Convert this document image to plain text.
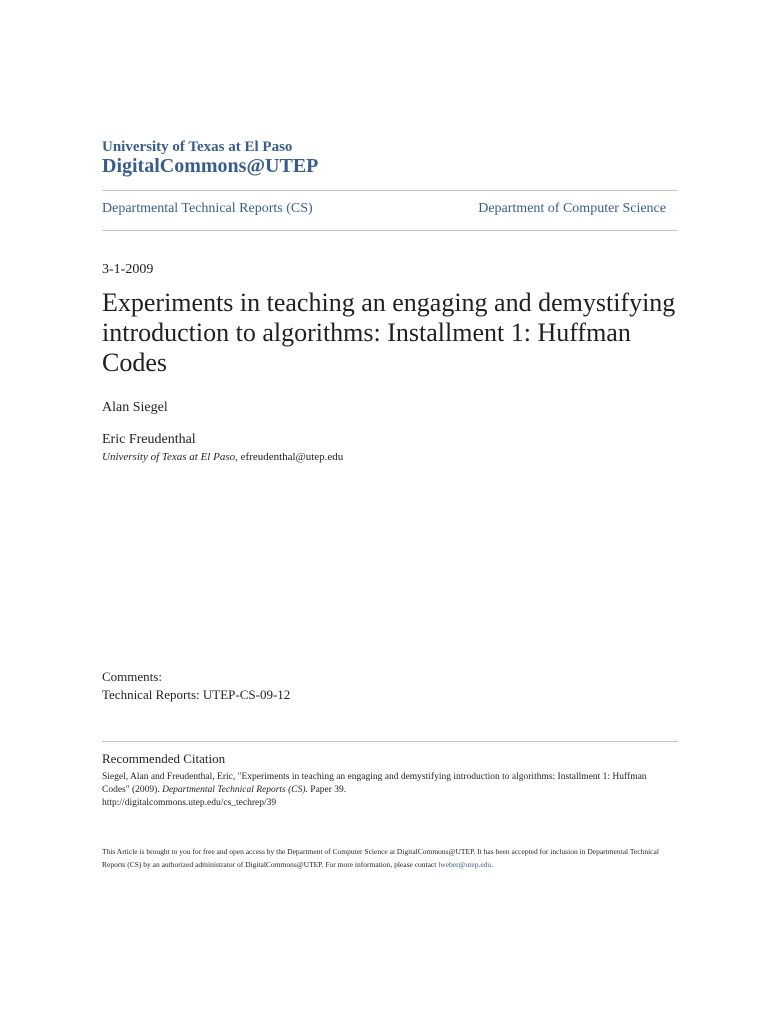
University of Texas at El Paso
DigitalCommons@UTEP
Departmental Technical Reports (CS)	Department of Computer Science
3-1-2009
Experiments in teaching an engaging and demystifying introduction to algorithms: Installment 1: Huffman Codes
Alan Siegel
Eric Freudenthal
University of Texas at El Paso, efreudenthal@utep.edu
Comments:
Technical Reports: UTEP-CS-09-12
Recommended Citation
Siegel, Alan and Freudenthal, Eric, "Experiments in teaching an engaging and demystifying introduction to algorithms: Installment 1: Huffman Codes" (2009). Departmental Technical Reports (CS). Paper 39.
http://digitalcommons.utep.edu/cs_techrep/39
This Article is brought to you for free and open access by the Department of Computer Science at DigitalCommons@UTEP. It has been accepted for inclusion in Departmental Technical Reports (CS) by an authorized administrator of DigitalCommons@UTEP. For more information, please contact lweber@utep.edu.
